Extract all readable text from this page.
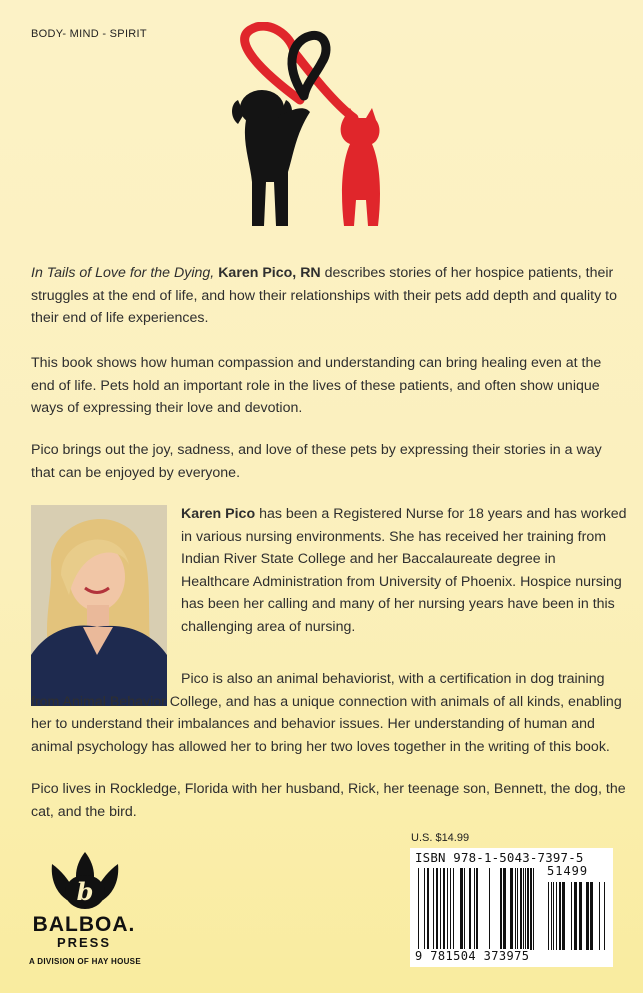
BODY- MIND - SPIRIT

In Tails of Love for the Dying, Karen Pico, RN describes stories of her hospice patients, their struggles at the end of life, and how their relationships with their pets add depth and quality to their end of life experiences.

This book shows how human compassion and understanding can bring healing even at the end of life. Pets hold an important role in the lives of these patients, and often show unique ways of expressing their love and devotion.

Pico brings out the joy, sadness, and love of these pets by expressing their stories in a way that can be enjoyed by everyone.

Karen Pico has been a Registered Nurse for 18 years and has worked in various nursing environments. She has received her training from Indian River State College and her Baccalaureate degree in Healthcare Administration from University of Phoenix. Hospice nursing has been her calling and many of her nursing years have been in this challenging area of nursing.

Pico is also an animal behaviorist, with a certification in dog training from Animal Behavior College, and has a unique connection with animals of all kinds, enabling her to understand their imbalances and behavior issues. Her understanding of human and animal psychology has allowed her to bring her two loves together in the writing of this book.

Pico lives in Rockledge, Florida with her husband, Rick, her teenage son, Bennett, the dog, the cat, and the bird.

U.S. $14.99
ISBN 978-1-5043-7397-5
51499
9 781504 373975
b
BALBOA.
PRESS
A DIVISION OF HAY HOUSE
